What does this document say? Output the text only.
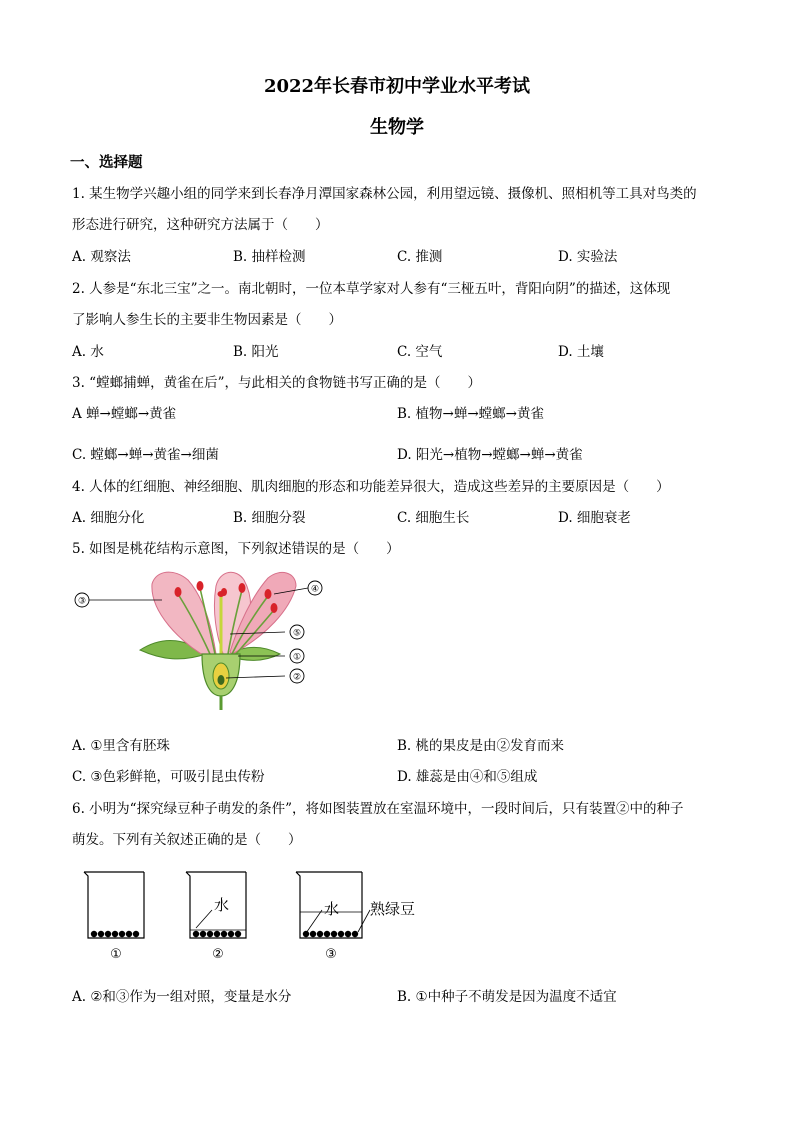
2022年长春市初中学业水平考试
生物学
一、选择题
1. 某生物学兴趣小组的同学来到长春净月潭国家森林公园，利用望远镜、摄像机、照相机等工具对鸟类的
形态进行研究，这种研究方法属于（　　）
A. 观察法	B. 抽样检测	C. 推测	D. 实验法
2. 人参是“东北三宝”之一。南北朝时，一位本草学家对人参有“三桠五叶，背阳向阴”的描述，这体现
了影响人参生长的主要非生物因素是（　　）
A. 水	B. 阳光	C. 空气	D. 土壤
3. “螳螂捕蝉，黄雀在后”，与此相关的食物链书写正确的是（　　）
A 蝉→螳螂→黄雀	B. 植物→蝉→螳螂→黄雀
C. 螳螂→蝉→黄雀→细菌	D. 阳光→植物→螳螂→蝉→黄雀
4. 人体的红细胞、神经细胞、肌肉细胞的形态和功能差异很大，造成这些差异的主要原因是（　　）
A. 细胞分化	B. 细胞分裂	C. 细胞生长	D. 细胞衰老
5. 如图是桃花结构示意图，下列叙述错误的是（　　）
③
④
⑤
①
②
A. ①里含有胚珠	B. 桃的果皮是由②发育而来
C. ③色彩鲜艳，可吸引昆虫传粉	D. 雄蕊是由④和⑤组成
6. 小明为“探究绿豆种子萌发的条件”，将如图装置放在室温环境中，一段时间后，只有装置②中的种子
萌发。下列有关叙述正确的是（　　）
水	水 熟绿豆
①	②	③
A. ②和③作为一组对照，变量是水分	B. ①中种子不萌发是因为温度不适宜
